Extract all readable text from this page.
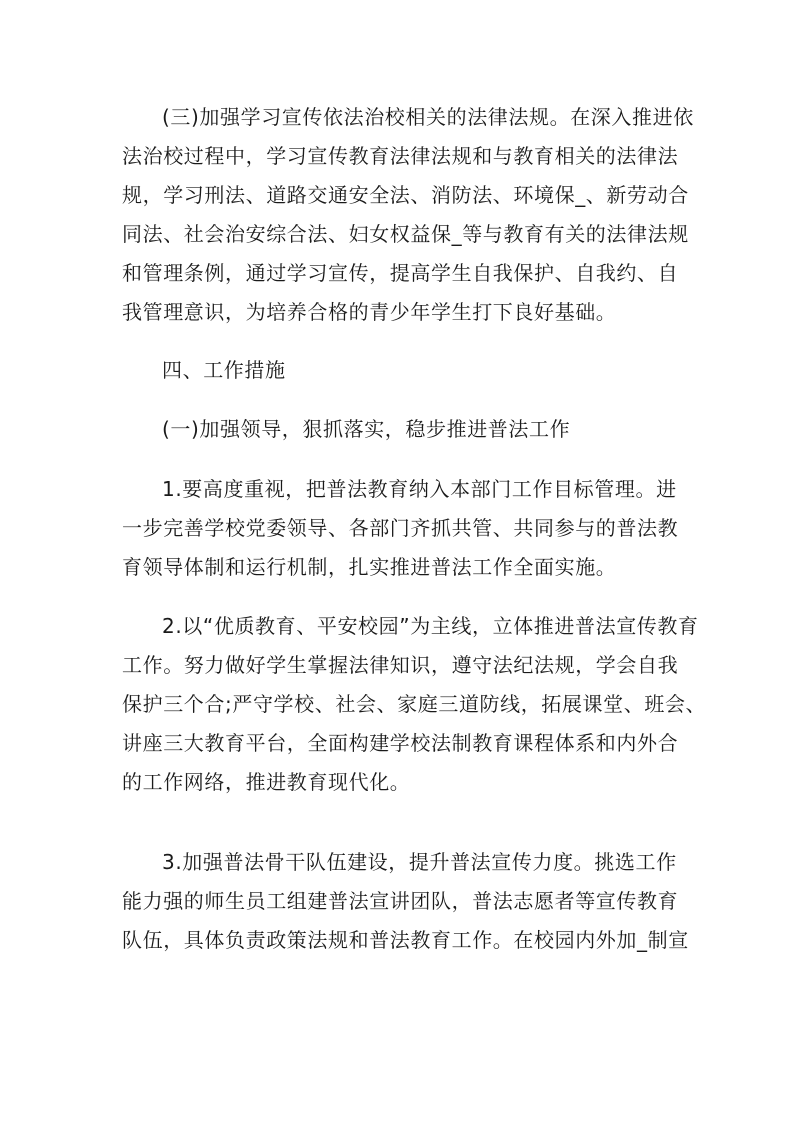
(三)加强学习宣传依法治校相关的法律法规。在深入推进依
法治校过程中，学习宣传教育法律法规和与教育相关的法律法
规，学习刑法、道路交通安全法、消防法、环境保_、新劳动合
同法、社会治安综合法、妇女权益保_等与教育有关的法律法规
和管理条例，通过学习宣传，提高学生自我保护、自我约、自
我管理意识，为培养合格的青少年学生打下良好基础。
四、工作措施
(一)加强领导，狠抓落实，稳步推进普法工作
1.要高度重视，把普法教育纳入本部门工作目标管理。进
一步完善学校党委领导、各部门齐抓共管、共同参与的普法教
育领导体制和运行机制，扎实推进普法工作全面实施。
2.以“优质教育、平安校园”为主线，立体推进普法宣传教育
工作。努力做好学生掌握法律知识，遵守法纪法规，学会自我
保护三个合;严守学校、社会、家庭三道防线，拓展课堂、班会、
讲座三大教育平台，全面构建学校法制教育课程体系和内外合
的工作网络，推进教育现代化。
3.加强普法骨干队伍建设，提升普法宣传力度。挑选工作
能力强的师生员工组建普法宣讲团队，普法志愿者等宣传教育
队伍，具体负责政策法规和普法教育工作。在校园内外加_制宣
